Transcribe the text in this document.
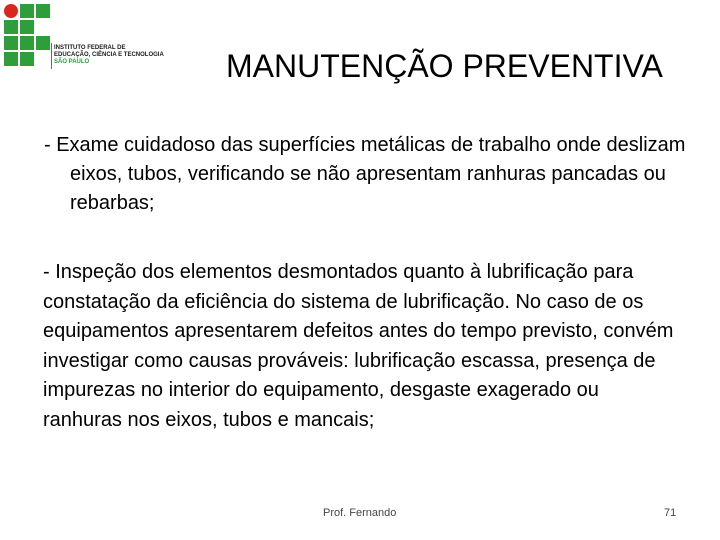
INSTITUTO FEDERAL DE
EDUCAÇÃO, CIÊNCIA E TECNOLOGIA
SÃO PAULO	MANUTENÇÃO PREVENTIVA

- Exame cuidadoso das superfícies metálicas de trabalho onde deslizam eixos, tubos, verificando se não apresentam ranhuras pancadas ou rebarbas;

- Inspeção dos elementos desmontados quanto à lubrificação para constatação da eficiência do sistema de lubrificação. No caso de os equipamentos apresentarem defeitos antes do tempo previsto, convém investigar como causas prováveis: lubrificação escassa, presença de impurezas no interior do equipamento, desgaste exagerado ou ranhuras nos eixos, tubos e mancais;

Prof. Fernando	71
